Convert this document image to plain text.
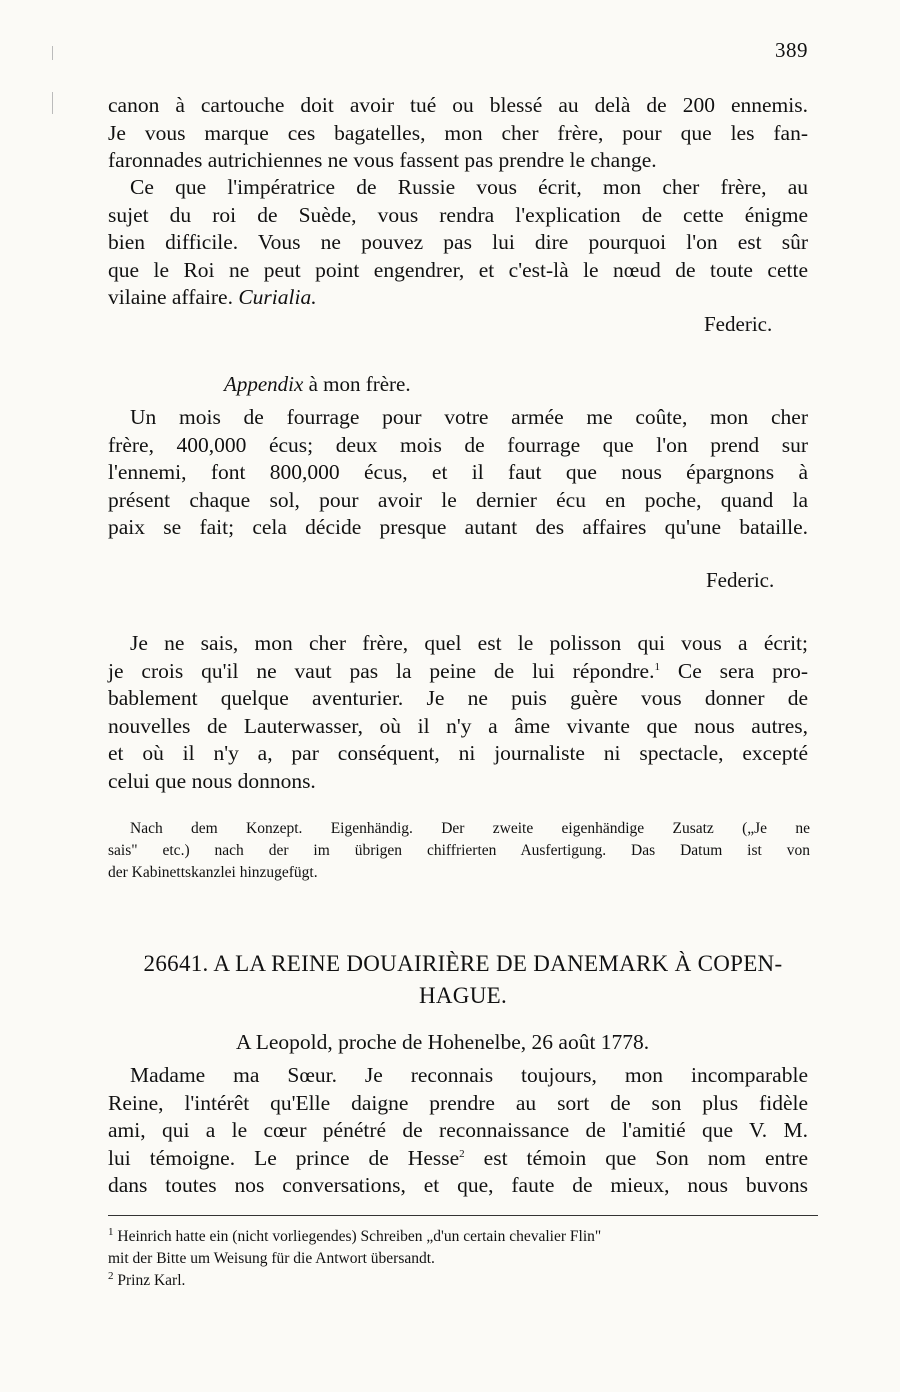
389

canon à cartouche doit avoir tué ou blessé au delà de 200 ennemis.
Je vous marque ces bagatelles, mon cher frère, pour que les fan-
faronnades autrichiennes ne vous fassent pas prendre le change.

Ce que l'impératrice de Russie vous écrit, mon cher frère, au
sujet du roi de Suède, vous rendra l'explication de cette énigme
bien difficile. Vous ne pouvez pas lui dire pourquoi l'on est sûr
que le Roi ne peut point engendrer, et c'est-là le nœud de toute cette
vilaine affaire. Curialia.

Federic.
Appendix à mon frère.

Un mois de fourrage pour votre armée me coûte, mon cher
frère, 400,000 écus; deux mois de fourrage que l'on prend sur
l'ennemi, font 800,000 écus, et il faut que nous épargnons à
présent chaque sol, pour avoir le dernier écu en poche, quand la
paix se fait; cela décide presque autant des affaires qu'une bataille.

Federic.

Je ne sais, mon cher frère, quel est le polisson qui vous a écrit;
je crois qu'il ne vaut pas la peine de lui répondre.$^1$ Ce sera pro-
bablement quelque aventurier. Je ne puis guère vous donner de
nouvelles de Lauterwasser, où il n'y a âme vivante que nous autres,
et où il n'y a, par conséquent, ni journaliste ni spectacle, excepté
celui que nous donnons.

Nach dem Konzept. Eigenhändig. Der zweite eigenhändige Zusatz („Je ne
sais" etc.) nach der im übrigen chiffrierten Ausfertigung. Das Datum ist von
der Kabinettskanzlei hinzugefügt.

26641. A LA REINE DOUAIRIÈRE DE DANEMARK À COPEN-
HAGUE.
A Leopold, proche de Hohenelbe, 26 août 1778.

Madame ma Sœur. Je reconnais toujours, mon incomparable
Reine, l'intérêt qu'Elle daigne prendre au sort de son plus fidèle
ami, qui a le cœur pénétré de reconnaissance de l'amitié que V. M.
lui témoigne. Le prince de Hesse$^2$ est témoin que Son nom entre
dans toutes nos conversations, et que, faute de mieux, nous buvons

$^1$ Heinrich hatte ein (nicht vorliegendes) Schreiben „d'un certain chevalier Flin"
mit der Bitte um Weisung für die Antwort übersandt.
$^2$ Prinz Karl.
